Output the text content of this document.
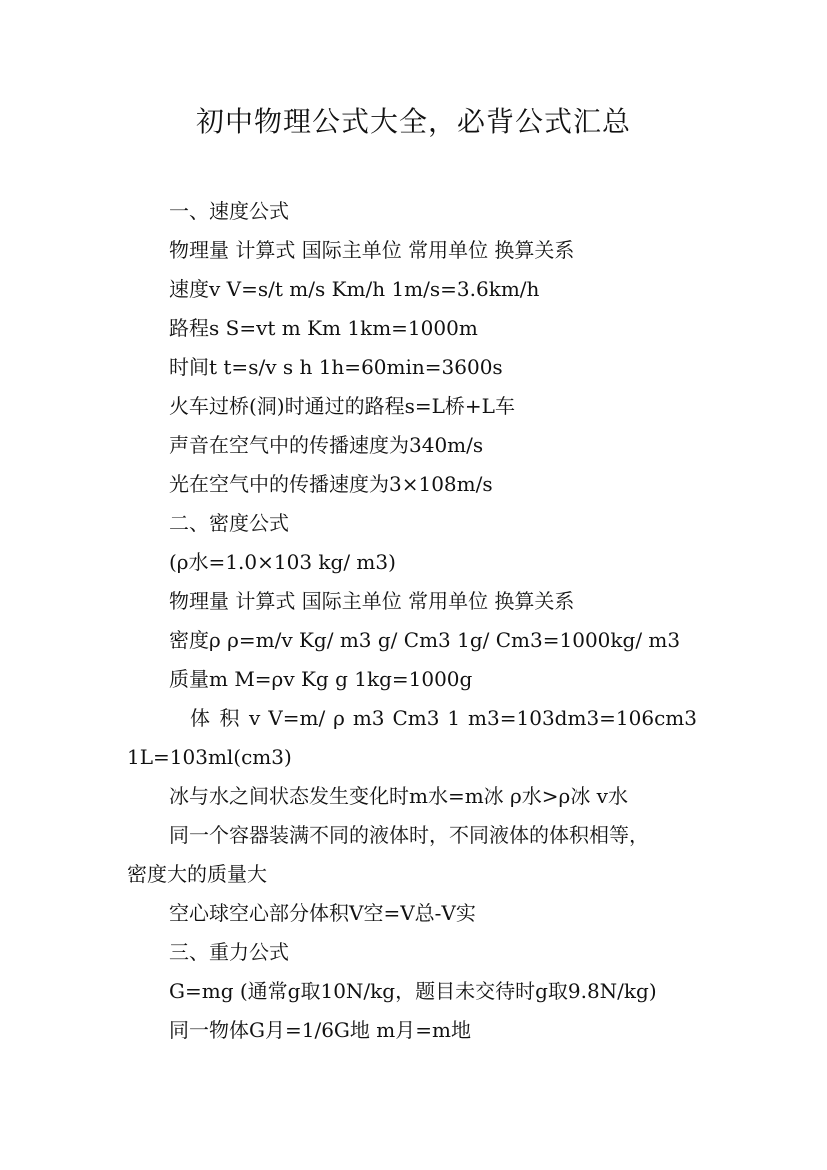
初中物理公式大全，必背公式汇总
一、速度公式
物理量 计算式 国际主单位 常用单位 换算关系
速度v V=s/t m/s Km/h 1m/s=3.6km/h
路程s S=vt m Km 1km=1000m
时间t t=s/v s h 1h=60min=3600s
火车过桥(洞)时通过的路程s=L桥+L车
声音在空气中的传播速度为340m/s
光在空气中的传播速度为3×108m/s
二、密度公式
(ρ水=1.0×103 kg/ m3)
物理量 计算式 国际主单位 常用单位 换算关系
密度ρ ρ=m/v Kg/ m3 g/ Cm3 1g/ Cm3=1000kg/ m3
质量m M=ρv Kg g 1kg=1000g
体 积 v V=m/ ρ m3 Cm3 1 m3=103dm3=106cm3
1L=103ml(cm3)
冰与水之间状态发生变化时m水=m冰 ρ水>ρ冰 v水
同一个容器装满不同的液体时，不同液体的体积相等，
密度大的质量大
空心球空心部分体积V空=V总-V实
三、重力公式
G=mg (通常g取10N/kg，题目未交待时g取9.8N/kg)
同一物体G月=1/6G地 m月=m地
